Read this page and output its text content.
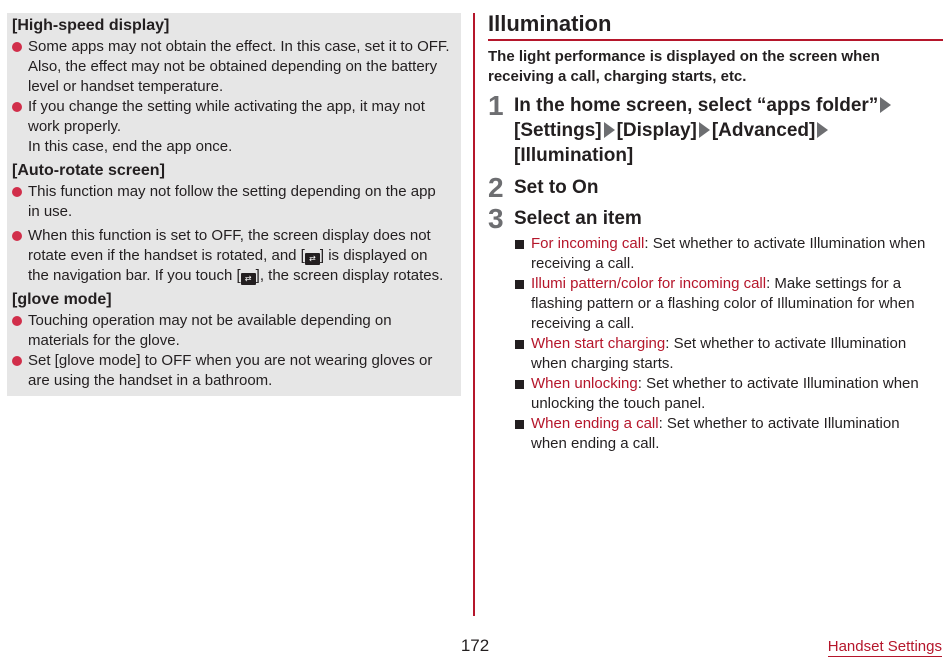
[High-speed display]
Some apps may not obtain the effect. In this case, set it to OFF.
Also, the effect may not be obtained depending on the battery
level or handset temperature.
If you change the setting while activating the app, it may not
work properly.
In this case, end the app once.
[Auto-rotate screen]
This function may not follow the setting depending on the app
in use.
When this function is set to OFF, the screen display does not
rotate even if the handset is rotated, and [ ⇄ ] is displayed on
the navigation bar. If you touch [ ⇄ ], the screen display rotates.
[glove mode]
Touching operation may not be available depending on
materials for the glove.
Set [glove mode] to OFF when you are not wearing gloves or
are using the handset in a bathroom.
Illumination
The light performance is displayed on the screen when
receiving a call, charging starts, etc.
1 In the home screen, select “apps folder”
[Settings] [Display] [Advanced]
[Illumination]
2 Set to On
3 Select an item
For incoming call: Set whether to activate Illumination when
receiving a call.
Illumi pattern/color for incoming call: Make settings for a
flashing pattern or a flashing color of Illumination for when
receiving a call.
When start charging: Set whether to activate Illumination
when charging starts.
When unlocking: Set whether to activate Illumination when
unlocking the touch panel.
When ending a call: Set whether to activate Illumination
when ending a call.
172	Handset Settings
